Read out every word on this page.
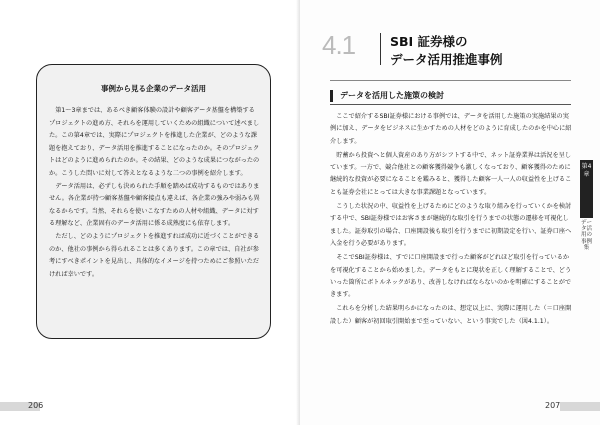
事例から見る企業のデータ活用

第1～3章までは、あるべき顧客体験の設計や顧客データ基盤を構築するプロジェクトの進め方、それらを運用していくための組織について述べました。この第4章では、実際にプロジェクトを推進した企業が、どのような課題を抱えており、データ活用を推進することになったのか。そのプロジェクトはどのように進められたのか。その結果、どのような成果につながったのか。こうした問いに対して答えとなるような二つの事例を紹介します。

データ活用は、必ずしも決められた手順を踏めば成功するものではありません。各企業が持つ顧客基盤や顧客接点も違えば、各企業の強みや弱みも異なるからです。当然、それらを使いこなすための人材や組織、データに対する理解など、企業固有のデータ活用に係る成熟度にも依存します。

ただし、どのようにプロジェクトを推進すれば成功に近づくことができるのか、他社の事例から得られることは多くあります。この章では、自社が参考にすべきポイントを見出し、具体的なイメージを持つためにご参照いただければ幸いです。

206
4.1	SBI 証券様の
データ活用推進事例
データを活用した施策の検討

ここで紹介するSBI証券様における事例では、データを活用した施策の実施結果の実例に加え、データをビジネスに生かすための人材をどのように育成したのかを中心に紹介します。

貯蓄から投資へと個人資産のあり方がシフトする中で、ネット証券業界は活況を呈しています。一方で、競合他社との顧客獲得競争も激しくなっており、顧客獲得のために継続的な投資が必要になることを鑑みると、獲得した顧客一人一人の収益性を上げることも証券会社にとっては大きな事業課題となっています。

こうした状況の中、収益性を上げるためにどのような取り組みを行っていくかを検討する中で、SBI証券様ではお客さまが継続的な取引を行うまでの状態の遷移を可視化しました。証券取引の場合、口座開設後も取引を行うまでに初期設定を行い、証券口座へ入金を行う必要があります。

そこでSBI証券様は、すでに口座開設まで行った顧客がどれほど取引を行っているかを可視化することから始めました。データをもとに現状を正しく理解することで、どういった箇所にボトルネックがあり、改善しなければならないのかを明確にすることができます。

これらを分析した結果明らかになったのは、想定以上に、実際に運用した（＝口座開設した）顧客が初回取引開始まで至っていない、という事実でした（図4.1.1）。

第4章
データ活用の事例集
207
